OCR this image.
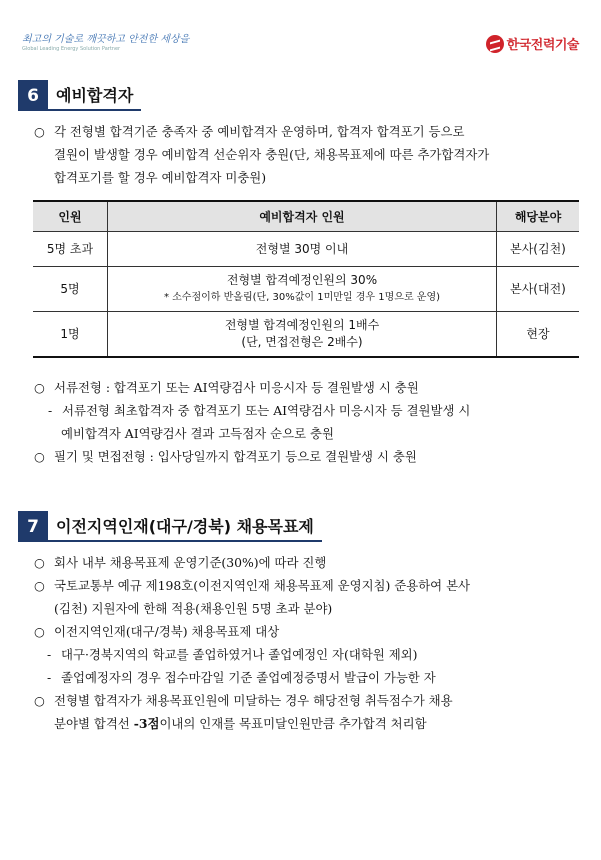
최고의 기술로 깨끗하고 안전한 세상을
Global Leading Energy Solution Partner	한국전력기술
6	예비합격자
○ 각 전형별 합격기준 충족자 중 예비합격자 운영하며, 합격자 합격포기 등으로
결원이 발생할 경우 예비합격 선순위자 충원(단, 채용목표제에 따른 추가합격자가
합격포기를 할 경우 예비합격자 미충원)
인원	예비합격자 인원	해당분야
5명 초과	전형별 30명 이내	본사(김천)
5명	전형별 합격예정인원의 30%
* 소수점이하 반올림(단, 30%값이 1미만일 경우 1명으로 운영)	본사(대전)
1명	전형별 합격예정인원의 1배수
(단, 면접전형은 2배수)	현장
○ 서류전형 : 합격포기 또는 AI역량검사 미응시자 등 결원발생 시 충원
- 서류전형 최초합격자 중 합격포기 또는 AI역량검사 미응시자 등 결원발생 시
예비합격자 AI역량검사 결과 고득점자 순으로 충원
○ 필기 및 면접전형 : 입사당일까지 합격포기 등으로 결원발생 시 충원
7	이전지역인재(대구/경북) 채용목표제
○ 회사 내부 채용목표제 운영기준(30%)에 따라 진행
○ 국토교통부 예규 제198호(이전지역인재 채용목표제 운영지침) 준용하여 본사
(김천) 지원자에 한해 적용(채용인원 5명 초과 분야)
○ 이전지역인재(대구/경북) 채용목표제 대상
- 대구·경북지역의 학교를 졸업하였거나 졸업예정인 자(대학원 제외)
- 졸업예정자의 경우 접수마감일 기준 졸업예정증명서 발급이 가능한 자
○ 전형별 합격자가 채용목표인원에 미달하는 경우 해당전형 취득점수가 채용
분야별 합격선 -3점이내의 인재를 목표미달인원만큼 추가합격 처리함
